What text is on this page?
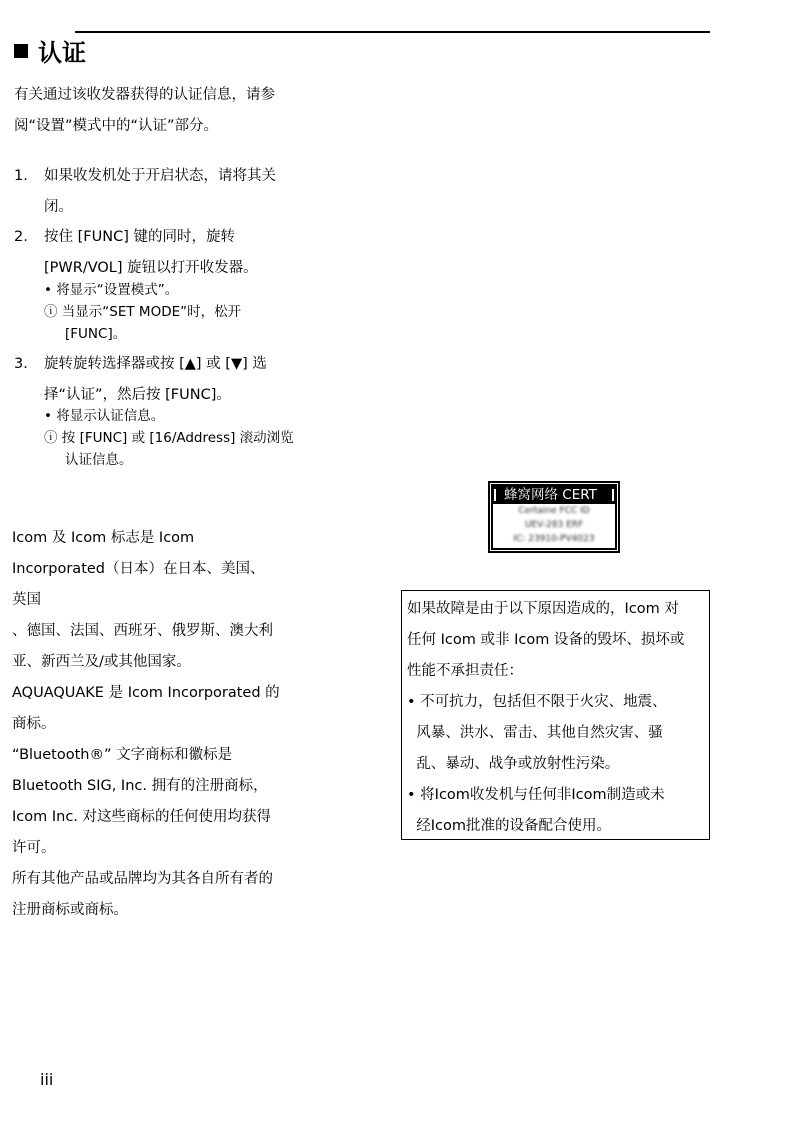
认证
有关通过该收发器获得的认证信息，请参
阅“设置”模式中的“认证”部分。
1. 如果收发机处于开启状态，请将其关
闭。
2. 按住 [FUNC] 键的同时，旋转
[PWR/VOL] 旋钮以打开收发器。
• 将显示“设置模式”。
ⓘ 当显示“SET MODE”时，松开
[FUNC]。
3. 旋转旋转选择器或按 [▲] 或 [▼] 选
择“认证”，然后按 [FUNC]。
• 将显示认证信息。
ⓘ 按 [FUNC] 或 [16/Address] 滚动浏览
认证信息。
蜂窝网络 CERT
Certaine FCC ID
UEV-283 ERF
IC: 23910-PV4023
Icom 及 Icom 标志是 Icom
Incorporated（日本）在日本、美国、
英国
、德国、法国、西班牙、俄罗斯、澳大利
亚、新西兰及/或其他国家。
AQUAQUAKE 是 Icom Incorporated 的
商标。
“Bluetooth®” 文字商标和徽标是
Bluetooth SIG, Inc. 拥有的注册商标，
Icom Inc. 对这些商标的任何使用均获得
许可。
所有其他产品或品牌均为其各自所有者的
注册商标或商标。
如果故障是由于以下原因造成的，Icom 对
任何 Icom 或非 Icom 设备的毁坏、损坏或
性能不承担责任：
• 不可抗力，包括但不限于火灾、地震、
风暴、洪水、雷击、其他自然灾害、骚
乱、暴动、战争或放射性污染。
• 将Icom收发机与任何非Icom制造或未
经Icom批准的设备配合使用。
iii
